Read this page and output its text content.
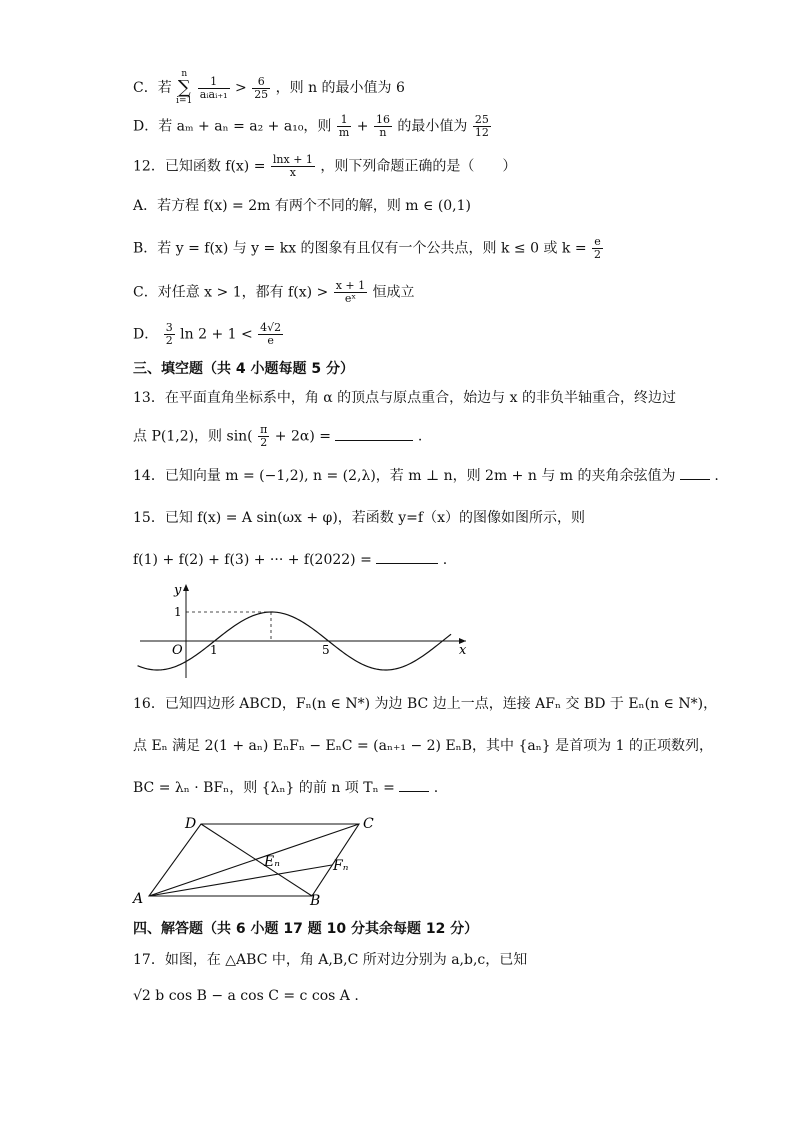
C．若 n
∑
i=1
$\frac{1}{\text{aᵢaᵢ₊₁}} > \frac{6}{25}$ ，则 n 的最小值为 6
D．若 aₘ + aₙ = a₂ + a₁₀，则 $\frac{1}{m} + \frac{16}{n}$ 的最小值为 $\frac{25}{12}$
12．已知函数 $f(x) = \frac{\ln x + 1}{x}$ ，则下列命题正确的是（　　）
A．若方程 f(x) = 2m 有两个不同的解，则 m ∈ (0,1)
B．若 y = f(x) 与 y = kx 的图象有且仅有一个公共点，则 k ≤ 0 或 $k = \frac{e}{2}$
C．对任意 x > 1，都有 $f(x) > \frac{x + 1}{\text{eˣ}}$ 恒成立
D． $\frac{3}{2}$ $\ln 2 + 1 < \frac{4√2}{e}$
三、填空题（共 4 小题每题 5 分）
13．在平面直角坐标系中，角 α 的顶点与原点重合，始边与 x 的非负半轴重合，终边过
点 P(1,2)，则 $\sin( \frac{\pi}{2} + 2\alpha)$ =	.
14．已知向量 m = (−1,2), n = (2,λ)，若 m ⊥ n，则 2m + n 与 m 的夹角余弦值为	.
15．已知 f(x) = A sin(ωx + φ)，若函数 y=f（x）的图像如图所示，则
f(1) + f(2) + f(3) + ··· + f(2022) =	.
y
x
O 1	5
1
16．已知四边形 ABCD，Fₙ(n ∈ N*) 为边 BC 边上一点，连接 AFₙ 交 BD 于 Eₙ(n ∈ N*)，
点 Eₙ 满足 2(1 + aₙ) EₙFₙ − EₙC = (aₙ₊₁ − 2) EₙB，其中 {aₙ} 是首项为 1 的正项数列，
BC = λₙ · BFₙ，则 {λₙ} 的前 n 项 Tₙ =	.
A	B
C
D
Eₙ	Fₙ
四、解答题（共 6 小题 17 题 10 分其余每题 12 分）
17．如图，在 △ABC 中，角 A,B,C 所对边分别为 a,b,c，已知
√2 b cos B − a cos C = c cos A .
